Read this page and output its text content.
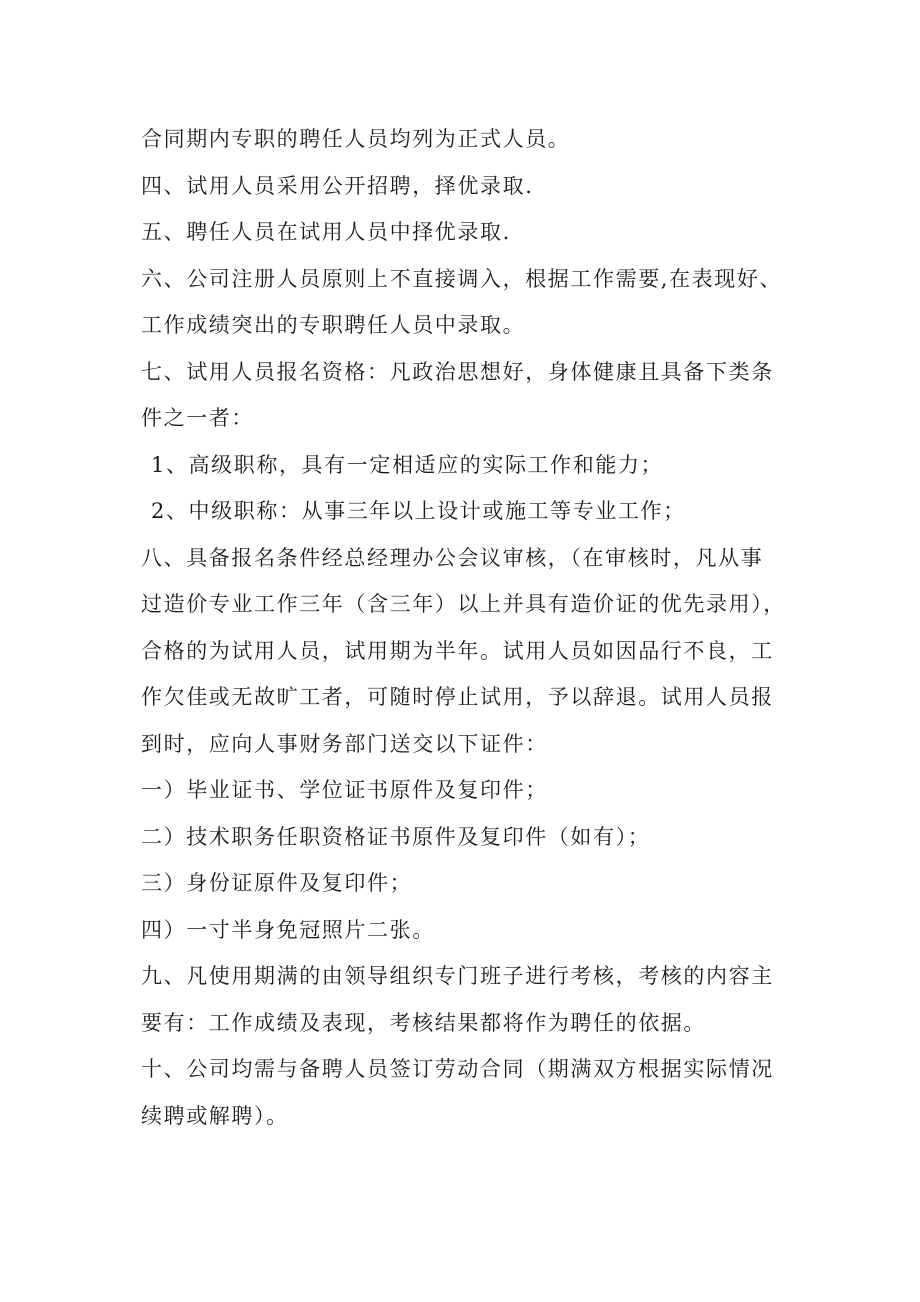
合同期内专职的聘任人员均列为正式人员。
四、试用人员采用公开招聘，择优录取.
五、聘任人员在试用人员中择优录取.
六、公司注册人员原则上不直接调入，根据工作需要,在表现好、
工作成绩突出的专职聘任人员中录取。
七、试用人员报名资格：凡政治思想好，身体健康且具备下类条
件之一者：
1、高级职称，具有一定相适应的实际工作和能力；
2、中级职称：从事三年以上设计或施工等专业工作；
八、具备报名条件经总经理办公会议审核，（在审核时，凡从事
过造价专业工作三年（含三年）以上并具有造价证的优先录用），
合格的为试用人员，试用期为半年。试用人员如因品行不良，工
作欠佳或无故旷工者，可随时停止试用，予以辞退。试用人员报
到时，应向人事财务部门送交以下证件：
一）毕业证书、学位证书原件及复印件；
二）技术职务任职资格证书原件及复印件（如有）；
三）身份证原件及复印件；
四）一寸半身免冠照片二张。
九、凡使用期满的由领导组织专门班子进行考核，考核的内容主
要有：工作成绩及表现，考核结果都将作为聘任的依据。
十、公司均需与备聘人员签订劳动合同（期满双方根据实际情况
续聘或解聘）。
